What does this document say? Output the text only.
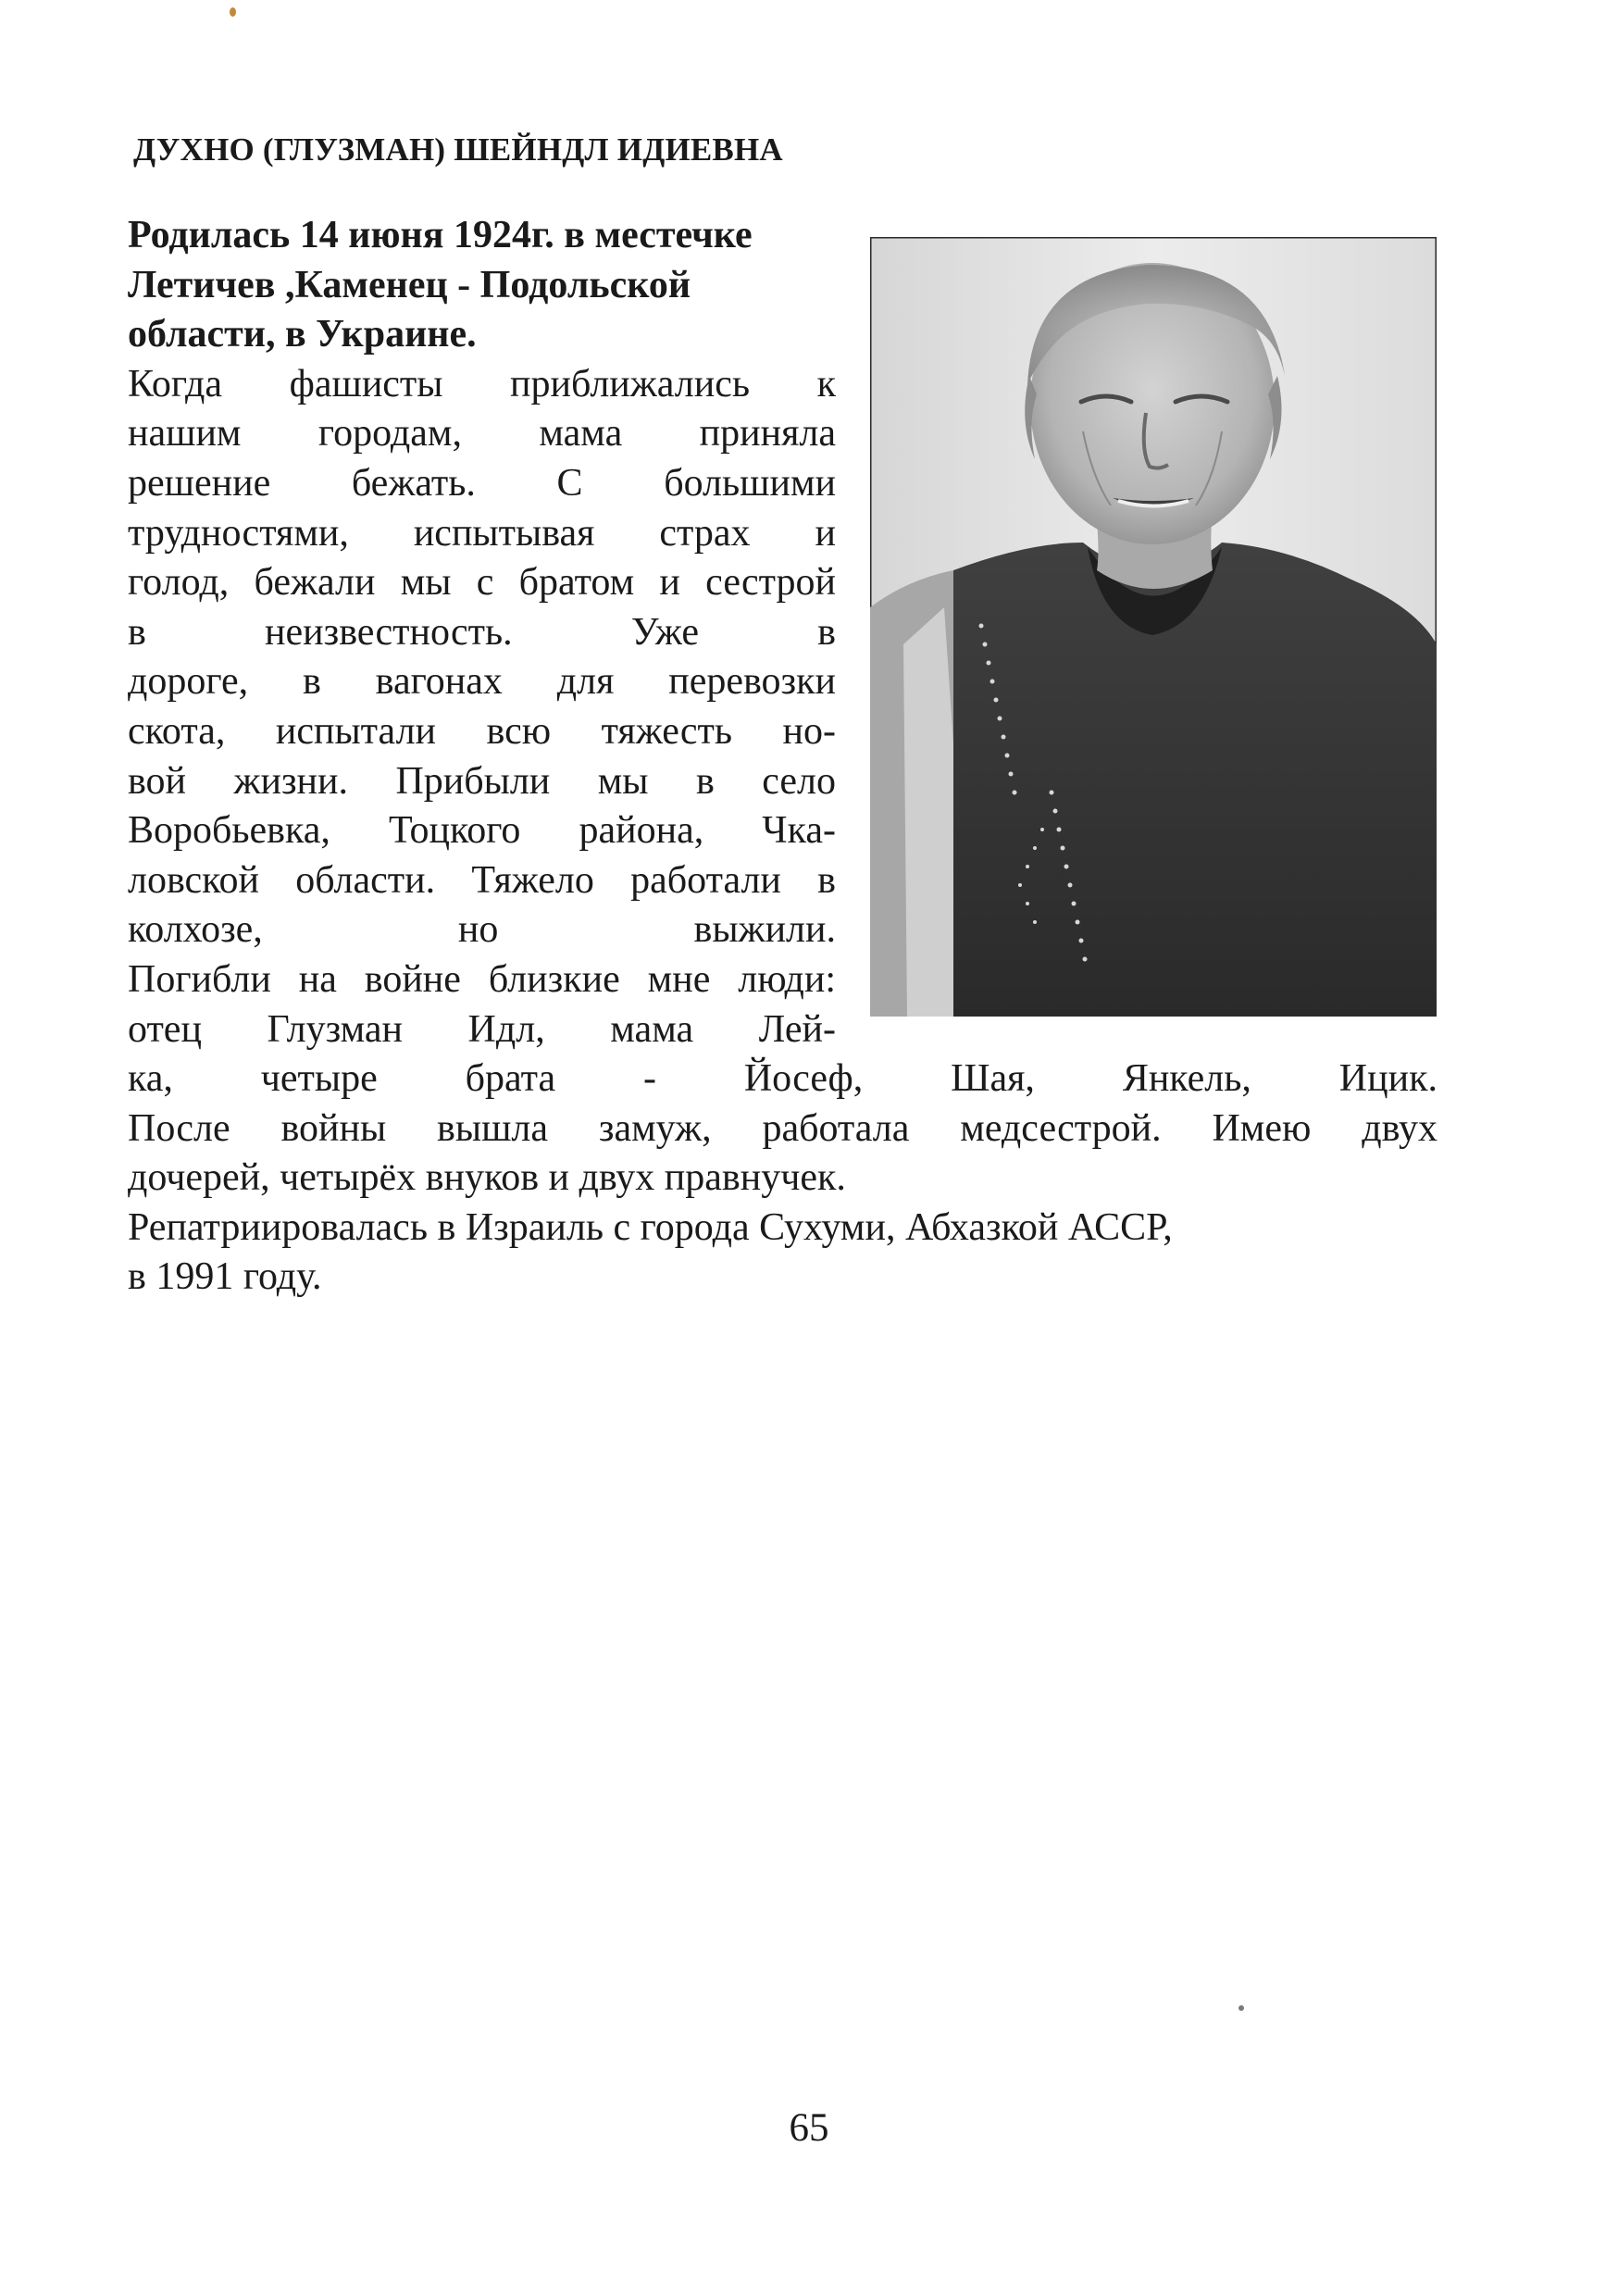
ДУХНО (ГЛУЗМАН) ШЕЙНДЛ ИДИЕВНА

Родилась 14 июня 1924г. в местечке

Летичев ,Каменец - Подольской

области, в Украине.

Когда фашисты приближались к

нашим городам, мама приняла

решение бежать. С большими

трудностями, испытывая страх и

голод, бежали мы с братом и сестрой

в неизвестность. Уже в

дороге, в вагонах для перевозки

скота, испытали всю тяжесть но-

вой жизни. Прибыли мы в село

Воробьевка, Тоцкого района, Чка-

ловской области. Тяжело работали в

колхозе, но выжили.

Погибли на войне близкие мне люди:

отец Глузман Идл, мама Лей-

ка, четыре брата - Йосеф, Шая, Янкель, Ицик.

После войны вышла замуж, работала медсестрой. Имею двух

дочерей, четырёх внуков и двух правнучек.

Репатриировалась в Израиль с города Сухуми, Абхазкой АССР,

в 1991 году.

65
